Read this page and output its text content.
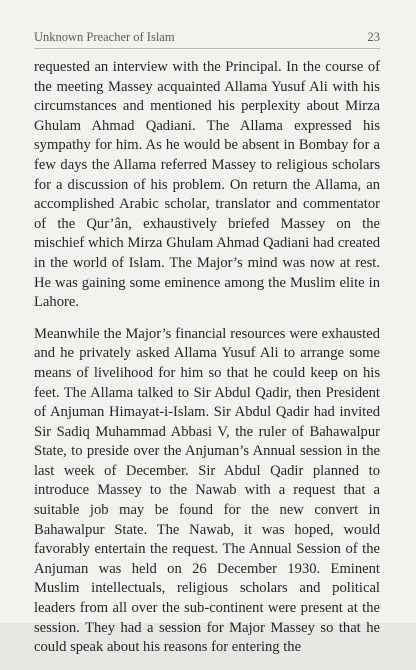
Unknown Preacher of Islam	23

requested an interview with the Principal. In the course of the meeting Massey acquainted Allama Yusuf Ali with his circumstances and mentioned his perplexity about Mirza Ghulam Ahmad Qadiani. The Allama expressed his sympathy for him. As he would be absent in Bombay for a few days the Allama referred Massey to religious scholars for a discussion of his problem. On return the Allama, an accomplished Arabic scholar, translator and commentator of the Qur’ân, exhaustively briefed Massey on the mischief which Mirza Ghulam Ahmad Qadiani had created in the world of Islam. The Major’s mind was now at rest. He was gaining some eminence among the Muslim elite in Lahore.

Meanwhile the Major’s financial resources were exhausted and he privately asked Allama Yusuf Ali to arrange some means of livelihood for him so that he could keep on his feet. The Allama talked to Sir Abdul Qadir, then President of Anjuman Himayat-i-Islam. Sir Abdul Qadir had invited Sir Sadiq Muhammad Abbasi V, the ruler of Bahawalpur State, to preside over the Anjuman’s Annual session in the last week of December. Sir Abdul Qadir planned to introduce Massey to the Nawab with a request that a suitable job may be found for the new convert in Bahawalpur State. The Nawab, it was hoped, would favorably entertain the request. The Annual Session of the Anjuman was held on 26 December 1930. Eminent Muslim intellectuals, religious scholars and political leaders from all over the sub-continent were present at the session. They had a session for Major Massey so that he could speak about his reasons for entering the
